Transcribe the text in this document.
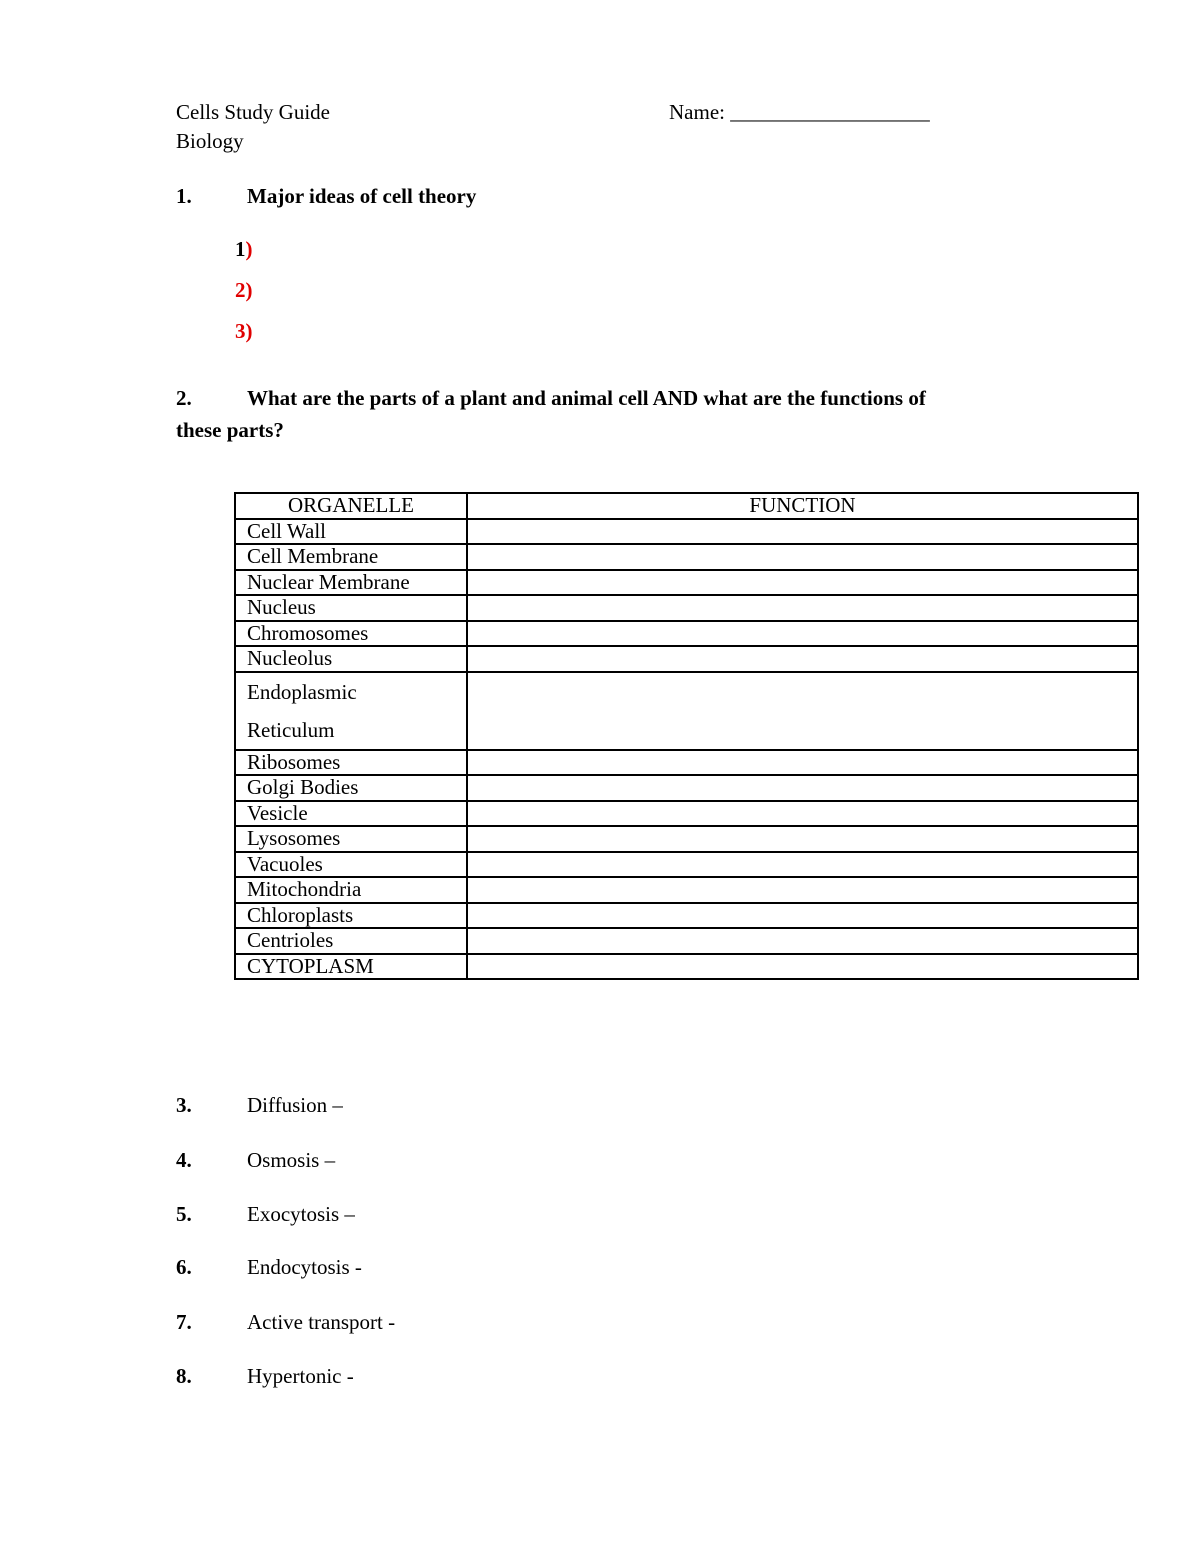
Cells Study Guide
Biology
Name: ___________________
1.	Major ideas of cell theory
1)
2)
3)
2.	What are the parts of a plant and animal cell AND what are the functions of
these parts?
ORGANELLE	FUNCTION
Cell Wall	
Cell Membrane	
Nuclear Membrane	
Nucleus	
Chromosomes	
Nucleolus	

Endoplasmic
Reticulum	

Ribosomes	
Golgi Bodies	
Vesicle	
Lysosomes	
Vacuoles	
Mitochondria	
Chloroplasts	
Centrioles	
CYTOPLASM	
3.	Diffusion –
4.	Osmosis –
5.	Exocytosis –
6.	Endocytosis -
7.	Active transport -
8.	Hypertonic -
